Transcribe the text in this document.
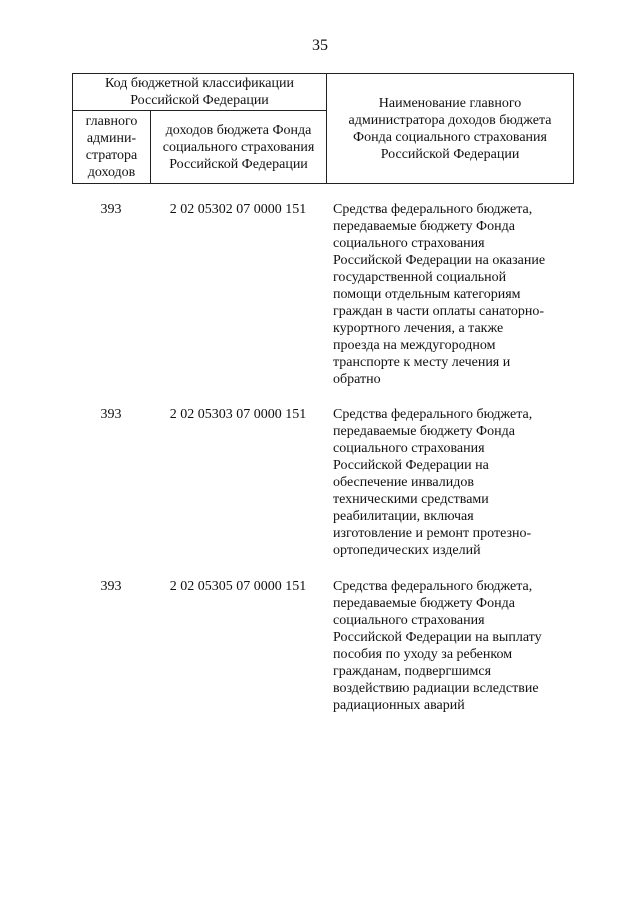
35
Код бюджетной классификации Российской Федерации		Наименование главного администратора доходов бюджета Фонда социального страхования Российской Федерации
главного админи-стратора доходов	доходов бюджета Фонда социального страхования Российской Федерации	
393	2 02 05302 07 0000 151	Средства федерального бюджета,
передаваемые бюджету Фонда
социального страхования
Российской Федерации на оказание
государственной социальной
помощи отдельным категориям
граждан в части оплаты санаторно-
курортного лечения, а также
проезда на междугородном
транспорте к месту лечения и
обратно
393	2 02 05303 07 0000 151	Средства федерального бюджета,
передаваемые бюджету Фонда
социального страхования
Российской Федерации на
обеспечение инвалидов
техническими средствами
реабилитации, включая
изготовление и ремонт протезно-
ортопедических изделий
393	2 02 05305 07 0000 151	Средства федерального бюджета,
передаваемые бюджету Фонда
социального страхования
Российской Федерации на выплату
пособия по уходу за ребенком
гражданам, подвергшимся
воздействию радиации вследствие
радиационных аварий
